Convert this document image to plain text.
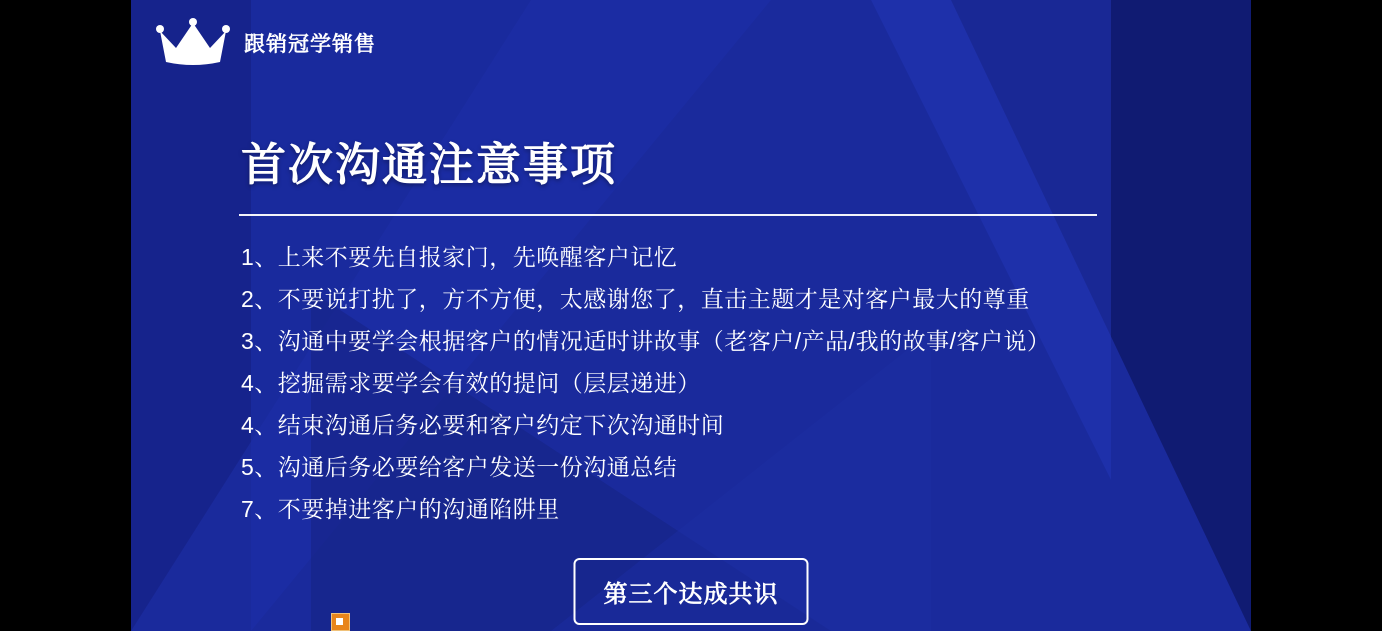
跟销冠学销售
首次沟通注意事项
1、上来不要先自报家门，先唤醒客户记忆
2、不要说打扰了，方不方便，太感谢您了，直击主题才是对客户最大的尊重
3、沟通中要学会根据客户的情况适时讲故事（老客户/产品/我的故事/客户说）
4、挖掘需求要学会有效的提问（层层递进）
4、结束沟通后务必要和客户约定下次沟通时间
5、沟通后务必要给客户发送一份沟通总结
7、不要掉进客户的沟通陷阱里
第三个达成共识
